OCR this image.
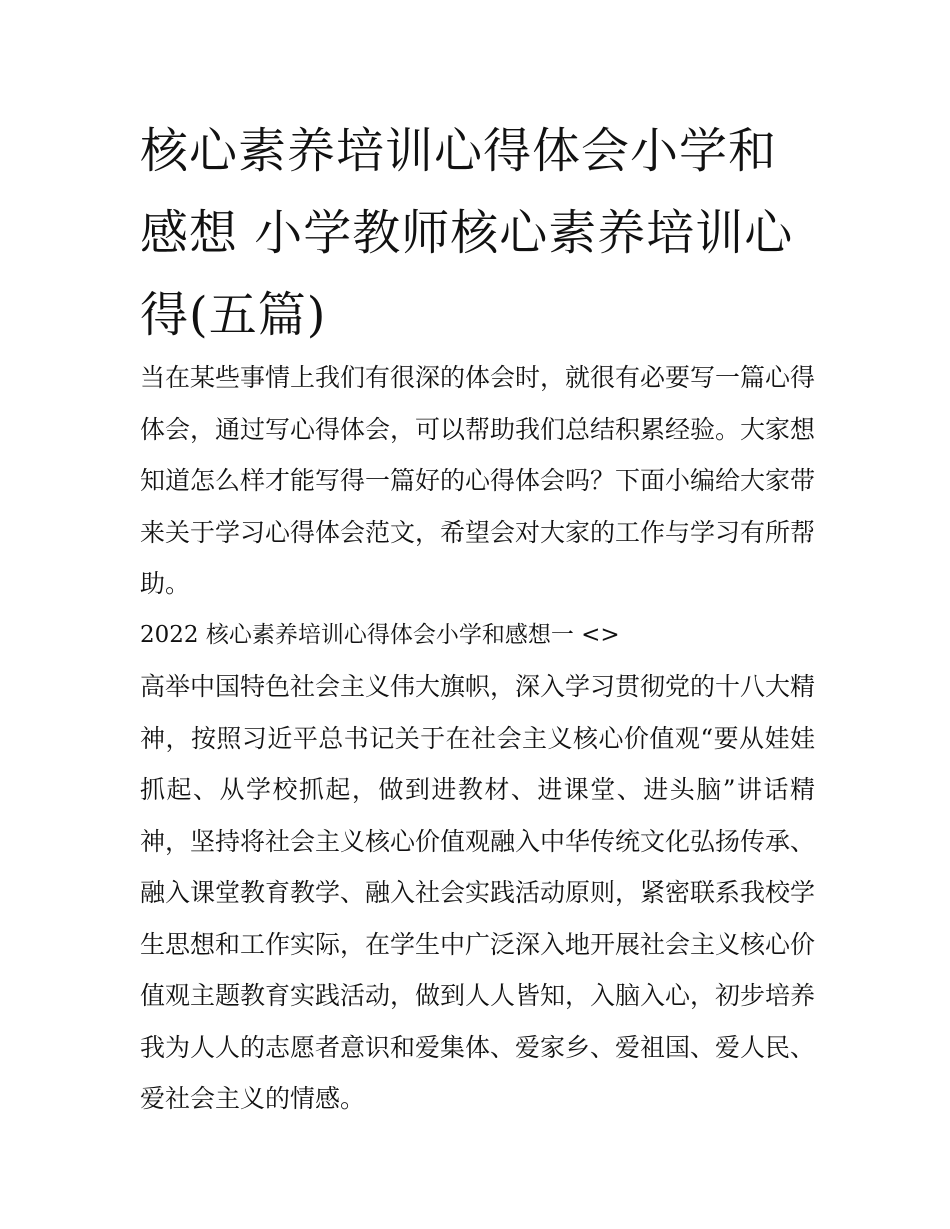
核心素养培训心得体会小学和感想 小学教师核心素养培训心得(五篇)

当在某些事情上我们有很深的体会时，就很有必要写一篇心得体会，通过写心得体会，可以帮助我们总结积累经验。大家想知道怎么样才能写得一篇好的心得体会吗？下面小编给大家带来关于学习心得体会范文，希望会对大家的工作与学习有所帮助。

2022 核心素养培训心得体会小学和感想一 <>

高举中国特色社会主义伟大旗帜，深入学习贯彻党的十八大精神，按照习近平总书记关于在社会主义核心价值观“要从娃娃抓起、从学校抓起，做到进教材、进课堂、进头脑”讲话精神，坚持将社会主义核心价值观融入中华传统文化弘扬传承、融入课堂教育教学、融入社会实践活动原则，紧密联系我校学生思想和工作实际，在学生中广泛深入地开展社会主义核心价值观主题教育实践活动，做到人人皆知，入脑入心，初步培养我为人人的志愿者意识和爱集体、爱家乡、爱祖国、爱人民、爱社会主义的情感。
